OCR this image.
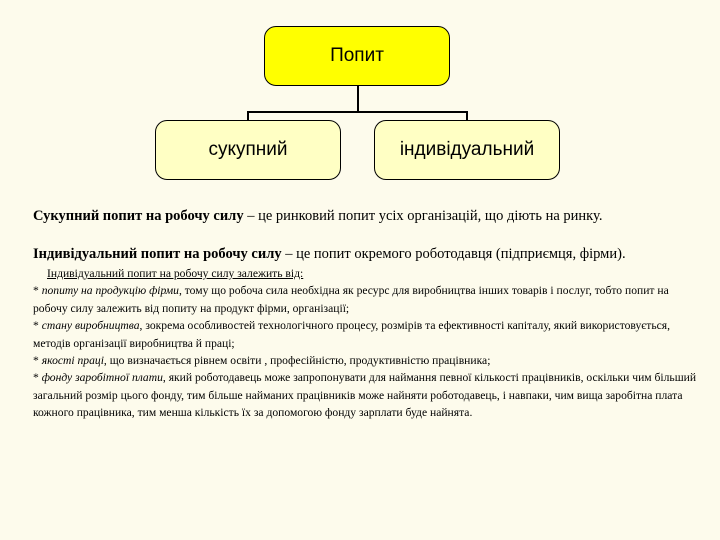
Попит
сукупний	індивідуальний
Сукупний попит на робочу силу – це ринковий попит усіх організацій, що діють на ринку.
Індивідуальний попит на робочу силу – це попит окремого роботодавця (підприємця, фірми).

Індивідуальний попит на робочу силу залежить від:

* попиту на продукцію фірми, тому що робоча сила необхідна як ресурс для виробництва інших товарів і послуг, тобто попит на робочу силу залежить від попиту на продукт фірми, організації;

* стану виробництва, зокрема особливостей технологічного процесу, розмірів та ефективності капіталу, який використовується, методів організації виробництва й праці;

* якості праці, що визначається рівнем освіти , професійністю, продуктивністю працівника;

* фонду заробітної плати, який роботодавець може запропонувати для наймання певної кількості працівників, оскільки чим більший загальний розмір цього фонду, тим більше найманих працівників може найняти роботодавець, і навпаки, чим вища заробітна плата кожного працівника, тим менша кількість їх за допомогою фонду зарплати буде найнята.
